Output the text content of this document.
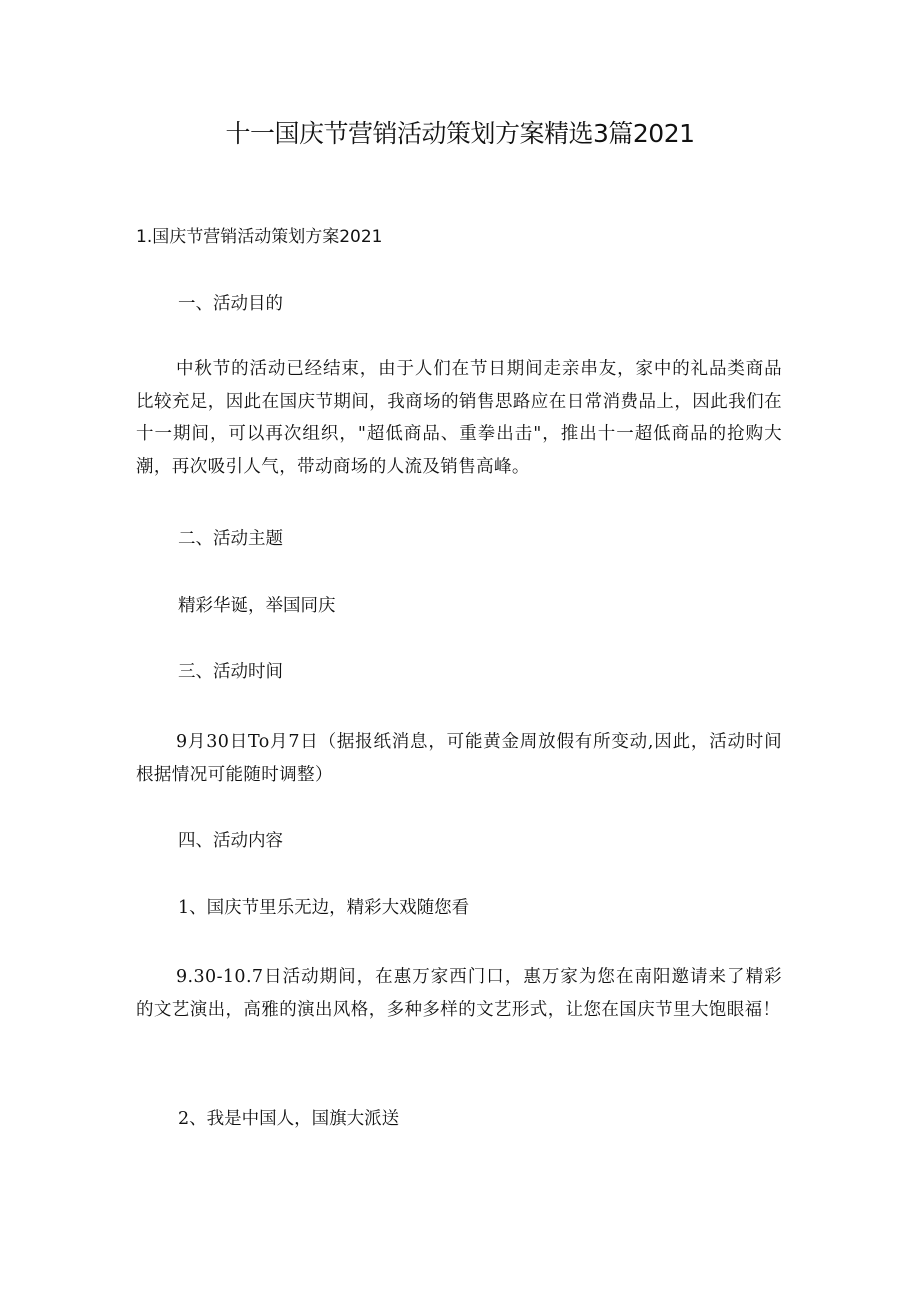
十一国庆节营销活动策划方案精选3篇2021

1.国庆节营销活动策划方案2021

一、活动目的

中秋节的活动已经结束，由于人们在节日期间走亲串友，家中的礼品类商品比较充足，因此在国庆节期间，我商场的销售思路应在日常消费品上，因此我们在十一期间，可以再次组织，"超低商品、重拳出击"，推出十一超低商品的抢购大潮，再次吸引人气，带动商场的人流及销售高峰。

二、活动主题

精彩华诞，举国同庆

三、活动时间

9月30日To月7日（据报纸消息，可能黄金周放假有所变动,因此，活动时间根据情况可能随时调整）

四、活动内容

1、国庆节里乐无边，精彩大戏随您看

9.30-10.7日活动期间，在惠万家西门口，惠万家为您在南阳邀请来了精彩的文艺演出，高雅的演出风格，多种多样的文艺形式，让您在国庆节里大饱眼福！

2、我是中国人，国旗大派送
